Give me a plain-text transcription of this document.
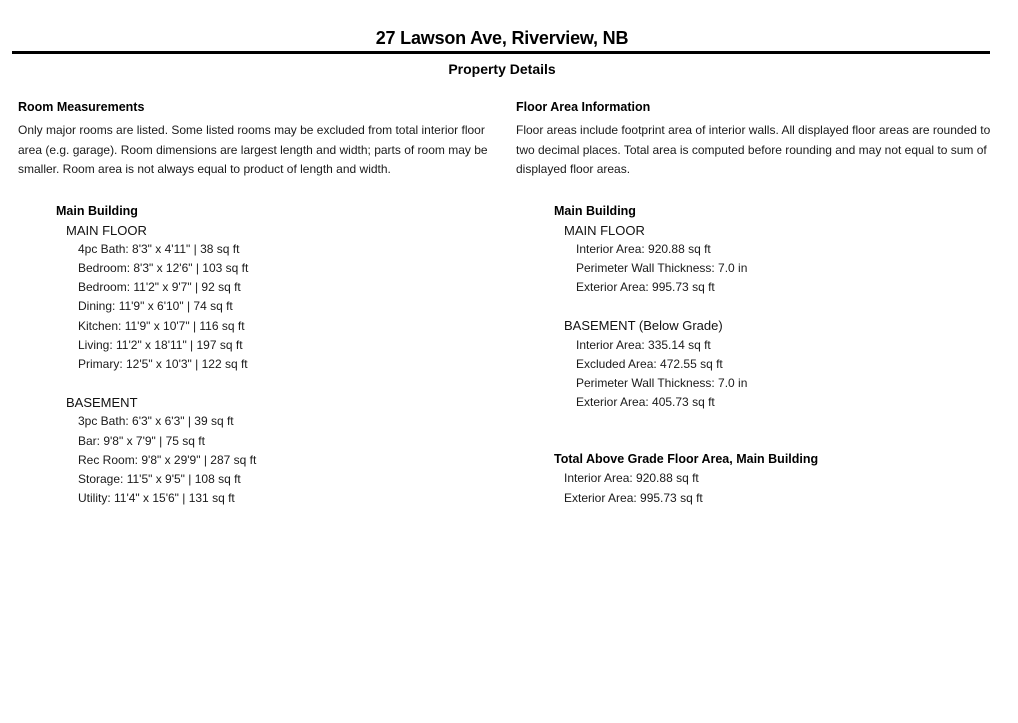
27 Lawson Ave, Riverview, NB
Property Details
Room Measurements

Only major rooms are listed. Some listed rooms may be excluded from total interior floor area (e.g. garage). Room dimensions are largest length and width; parts of room may be smaller. Room area is not always equal to product of length and width.

Main Building
MAIN FLOOR
4pc Bath: 8'3" x 4'11" | 38 sq ft
Bedroom: 8'3" x 12'6" | 103 sq ft
Bedroom: 11'2" x 9'7" | 92 sq ft
Dining: 11'9" x 6'10" | 74 sq ft
Kitchen: 11'9" x 10'7" | 116 sq ft
Living: 11'2" x 18'11" | 197 sq ft
Primary: 12'5" x 10'3" | 122 sq ft
BASEMENT
3pc Bath: 6'3" x 6'3" | 39 sq ft
Bar: 9'8" x 7'9" | 75 sq ft
Rec Room: 9'8" x 29'9" | 287 sq ft
Storage: 11'5" x 9'5" | 108 sq ft
Utility: 11'4" x 15'6" | 131 sq ft
Floor Area Information

Floor areas include footprint area of interior walls. All displayed floor areas are rounded to two decimal places. Total area is computed before rounding and may not equal to sum of displayed floor areas.

Main Building
MAIN FLOOR
Interior Area: 920.88 sq ft
Perimeter Wall Thickness: 7.0 in
Exterior Area: 995.73 sq ft
BASEMENT (Below Grade)
Interior Area: 335.14 sq ft
Excluded Area: 472.55 sq ft
Perimeter Wall Thickness: 7.0 in
Exterior Area: 405.73 sq ft
Total Above Grade Floor Area, Main Building
Interior Area: 920.88 sq ft
Exterior Area: 995.73 sq ft
